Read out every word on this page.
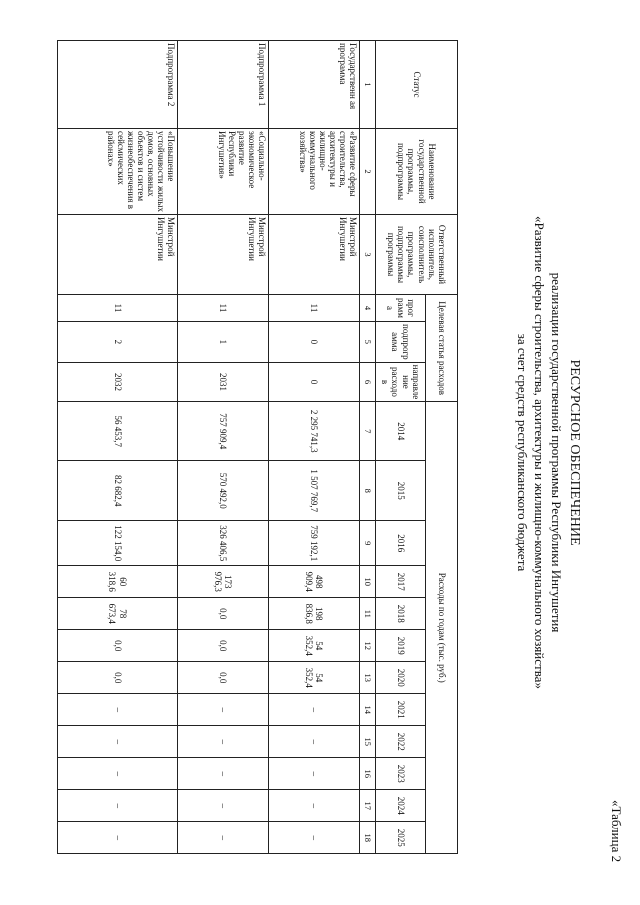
«Таблица 2
РЕСУРСНОЕ ОБЕСПЕЧЕНИЕ
реализации государственной программы Республики Ингушетия
«Развитие сферы строительства, архитектуры и жилищно-коммунального хозяйства»
за счет средств республиканского бюджета
Статус	Наименование государственной программы, подпрограммы	Ответственный исполнитель, соисполнитель программы, подпрограммы программы	Целевая статья расходов			Расходы по годам (тыс. руб.)											
			прог рамм а	подпрогр амма	направле ние расходо в	2014	2015	2016	2017	2018	2019	2020	2021	2022	2023	2024	2025
1	2	3	4	5	6	7	8	9	10	11	12	13	14	15	16	17	18
Государственн ая программа	«Развитие сферы строительства, архитектуры и жилищно-коммунального хозяйства»	Минстрой Ингушетии	11	0	0	2 295 741,3	1 507 769,7	759 192,1	498 909,4	198 836,8	54 352,4	54 352,4	–	–	–	–	–
Подпрограмма 1	«Социально-экономическое развитие Республики Ингушетия»	Минстрой Ингушетии	11	1	2031	757 909,4	570 492,0	326 406,5	173 976,3	0,0	0,0	0,0	–	–	–	–	–
Подпрограмма 2	«Повышение устойчивости жилых домов, основных объектов и систем жизнеобеспечения в сейсмических районах»	Минстрой Ингушетии	11	2	2032	56 453,7	82 682,4	122 154,0	60 318,6	78 673,4	0,0	0,0	–	–	–	–	–
